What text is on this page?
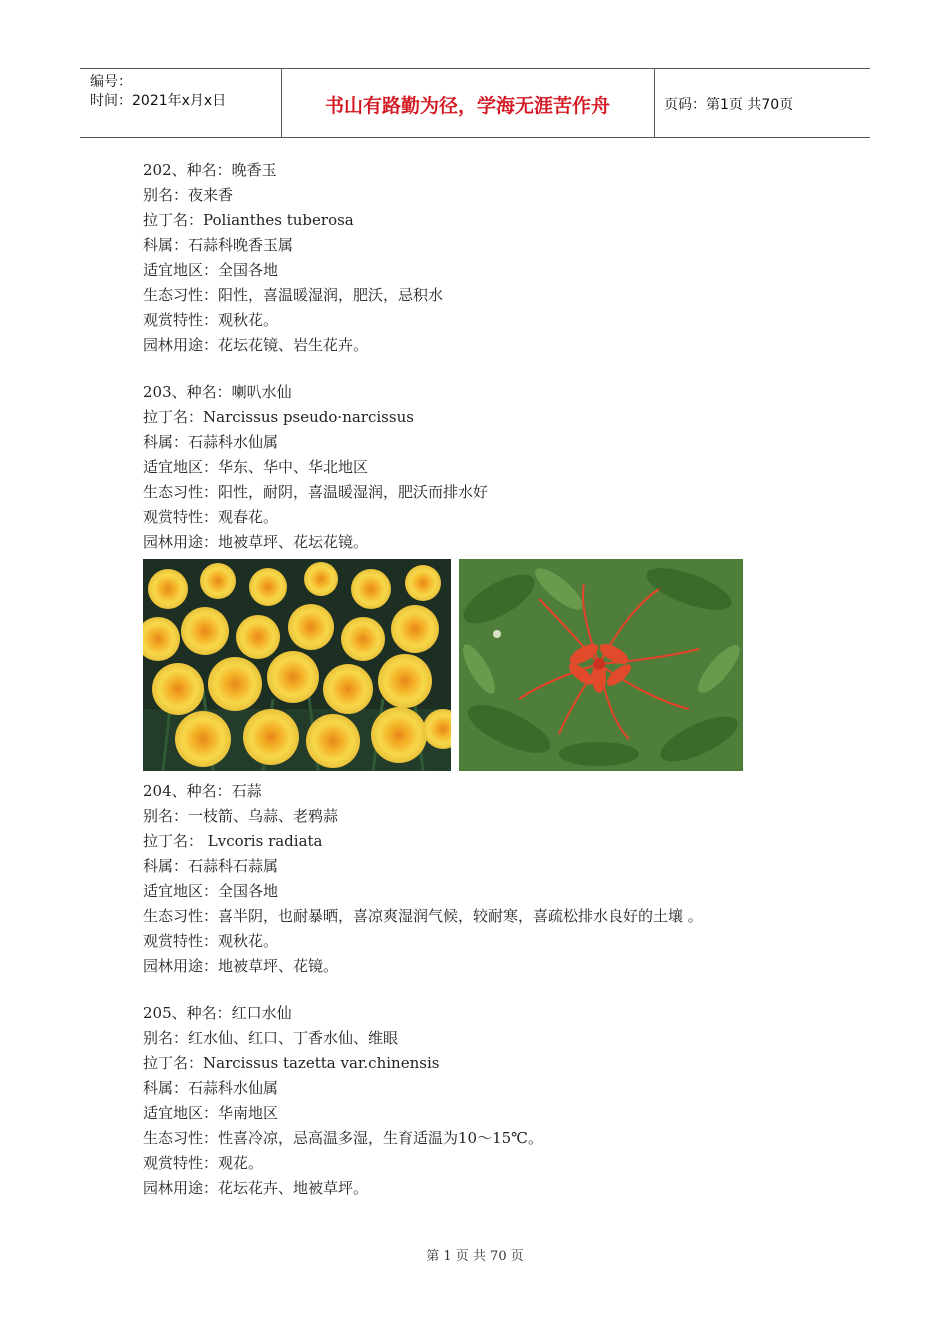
编号：
时间：2021年x月x日	书山有路勤为径，学海无涯苦作舟	页码：第1页 共70页
202、种名：晚香玉
别名：夜来香
拉丁名：Polianthes tuberosa
科属：石蒜科晚香玉属
适宜地区：全国各地
生态习性：阳性，喜温暖湿润，肥沃，忌积水
观赏特性：观秋花。
园林用途：花坛花镜、岩生花卉。
203、种名：喇叭水仙
拉丁名：Narcissus pseudo·narcissus
科属：石蒜科水仙属
适宜地区：华东、华中、华北地区
生态习性：阳性，耐阴，喜温暖湿润，肥沃而排水好
观赏特性：观春花。
园林用途：地被草坪、花坛花镜。
204、种名：石蒜
别名：一枝箭、乌蒜、老鸦蒜
拉丁名： Lvcoris radiata
科属：石蒜科石蒜属
适宜地区：全国各地
生态习性：喜半阴，也耐暴晒，喜凉爽湿润气候，较耐寒，喜疏松排水良好的土壤 。
观赏特性：观秋花。
园林用途：地被草坪、花镜。
205、种名：红口水仙
别名：红水仙、红口、丁香水仙、维眼
拉丁名：Narcissus tazetta var.chinensis
科属：石蒜科水仙属
适宜地区：华南地区
生态习性：性喜冷凉，忌高温多湿，生育适温为10～15℃。
观赏特性：观花。
园林用途：花坛花卉、地被草坪。
第 1 页 共 70 页
